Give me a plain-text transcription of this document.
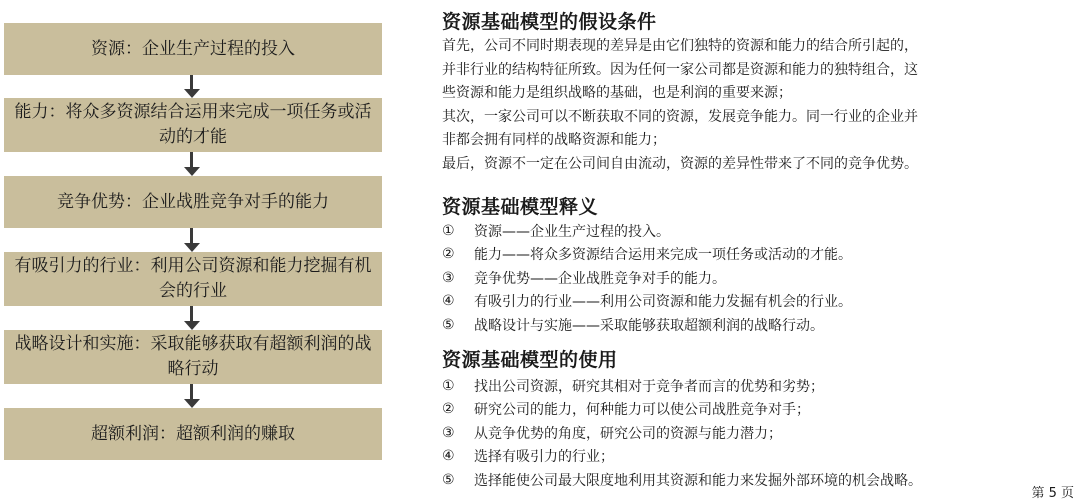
资源：企业生产过程的投入
能力：将众多资源结合运用来完成一项任务或活动的才能
竞争优势：企业战胜竞争对手的能力
有吸引力的行业：利用公司资源和能力挖掘有机会的行业
战略设计和实施：采取能够获取有超额利润的战略行动
超额利润：超额利润的赚取
资源基础模型的假设条件
首先，公司不同时期表现的差异是由它们独特的资源和能力的结合所引起的，
并非行业的结构特征所致。因为任何一家公司都是资源和能力的独特组合，这
些资源和能力是组织战略的基础，也是利润的重要来源；
其次，一家公司可以不断获取不同的资源，发展竞争能力。同一行业的企业并
非都会拥有同样的战略资源和能力；
最后，资源不一定在公司间自由流动，资源的差异性带来了不同的竞争优势。
资源基础模型释义
①	资源——企业生产过程的投入。
②	能力——将众多资源结合运用来完成一项任务或活动的才能。
③	竞争优势——企业战胜竞争对手的能力。
④	有吸引力的行业——利用公司资源和能力发掘有机会的行业。
⑤	战略设计与实施——采取能够获取超额利润的战略行动。
资源基础模型的使用
①	找出公司资源，研究其相对于竞争者而言的优势和劣势；
②	研究公司的能力，何种能力可以使公司战胜竞争对手；
③	从竞争优势的角度，研究公司的资源与能力潜力；
④	选择有吸引力的行业；
⑤	选择能使公司最大限度地利用其资源和能力来发掘外部环境的机会战略。
第 5 页
